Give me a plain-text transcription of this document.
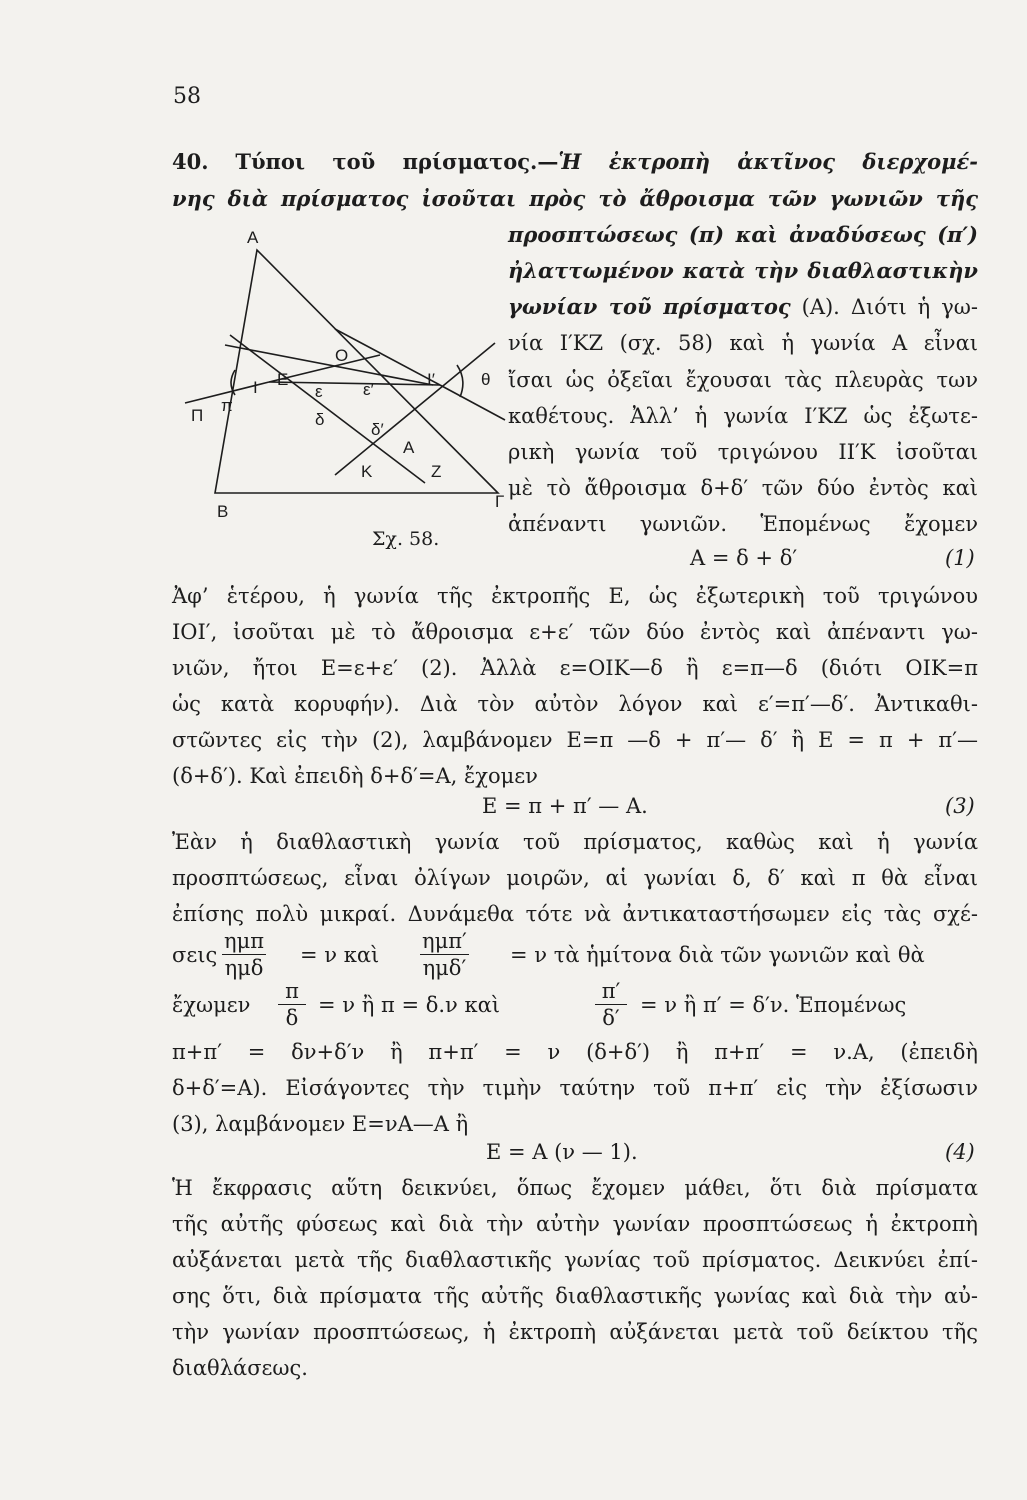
58
40. Τύποι τοῦ πρίσματος.—Ἡ ἐκτροπὴ ἀκτῖνος διερχομέ-
νης διὰ πρίσματος ἰσοῦται πρὸς τὸ ἄθροισμα τῶν γωνιῶν τῆς
προσπτώσεως (π) καὶ ἀναδύσεως (π′)
ἠλαττωμένον κατὰ τὴν διαθλαστικὴν
γωνίαν τοῦ πρίσματος (Α). Διότι ἡ γω-
νία Ι′ΚΖ (σχ. 58) καὶ ἡ γωνία Α εἶναι
ἴσαι ὡς ὀξεῖαι ἔχουσαι τὰς πλευρὰς των
καθέτους. Ἀλλ’ ἡ γωνία Ι′ΚΖ ὡς ἐξωτε-
ρικὴ γωνία τοῦ τριγώνου ΙΙ′Κ ἰσοῦται
μὲ τὸ ἄθροισμα δ+δ′ τῶν δύο ἐντὸς καὶ
ἀπέναντι γωνιῶν. Ἑπομένως ἔχομεν
Α
Β
Γ
Ο
Ι	Ι′
Ε
ε ε′
δ
δ′
Α
Κ	Ζ
Π
π
θ
Σχ. 58.
Α = δ + δ′	(1)
Ἀφ’ ἑτέρου, ἡ γωνία τῆς ἐκτροπῆς Ε, ὡς ἐξωτερικὴ τοῦ τριγώνου
ΙΟΙ′, ἰσοῦται μὲ τὸ ἄθροισμα ε+ε′ τῶν δύο ἐντὸς καὶ ἀπέναντι γω-
νιῶν, ἤτοι Ε=ε+ε′ (2). Ἀλλὰ ε=ΟΙΚ—δ ἢ ε=π—δ (διότι ΟΙΚ=π
ὡς κατὰ κορυφήν). Διὰ τὸν αὐτὸν λόγον καὶ ε′=π′—δ′. Ἀντικαθι-
στῶντες εἰς τὴν (2), λαμβάνομεν Ε=π —δ + π′— δ′ ἢ Ε = π + π′—
(δ+δ′). Καὶ ἐπειδὴ δ+δ′=Α, ἔχομεν
Ε = π + π′ — Α.	(3)
Ἐὰν ἡ διαθλαστικὴ γωνία τοῦ πρίσματος, καθὼς καὶ ἡ γωνία
προσπτώσεως, εἶναι ὀλίγων μοιρῶν, αἱ γωνίαι δ, δ′ καὶ π θὰ εἶναι
ἐπίσης πολὺ μικραί. Δυνάμεθα τότε νὰ ἀντικαταστήσωμεν εἰς τὰς σχέ-
σεις
ημπ
ημδ
= ν καὶ
ημπ′
ημδ′
= ν τὰ ἡμίτονα διὰ τῶν γωνιῶν καὶ θὰ
ἔχωμεν $\frac{\pi}{\delta} = \nu$ ἢ π = δ.ν καὶ	$\frac{\pi'}{\delta'} = \nu$ ἢ π′ = δ′ν. Ἑπομένως
π+π′ = δν+δ′ν ἢ π+π′ = ν (δ+δ′) ἢ π+π′ = ν.Α, (ἐπειδὴ
δ+δ′=Α). Εἰσάγοντες τὴν τιμὴν ταύτην τοῦ π+π′ εἰς τὴν ἐξίσωσιν
(3), λαμβάνομεν Ε=νΑ—Α ἢ
Ε = Α (ν — 1).	(4)
Ἡ ἔκφρασις αὕτη δεικνύει, ὅπως ἔχομεν μάθει, ὅτι διὰ πρίσματα
τῆς αὐτῆς φύσεως καὶ διὰ τὴν αὐτὴν γωνίαν προσπτώσεως ἡ ἐκτροπὴ
αὐξάνεται μετὰ τῆς διαθλαστικῆς γωνίας τοῦ πρίσματος. Δεικνύει ἐπί-
σης ὅτι, διὰ πρίσματα τῆς αὐτῆς διαθλαστικῆς γωνίας καὶ διὰ τὴν αὐ-
τὴν γωνίαν προσπτώσεως, ἡ ἐκτροπὴ αὐξάνεται μετὰ τοῦ δείκτου τῆς
διαθλάσεως.
